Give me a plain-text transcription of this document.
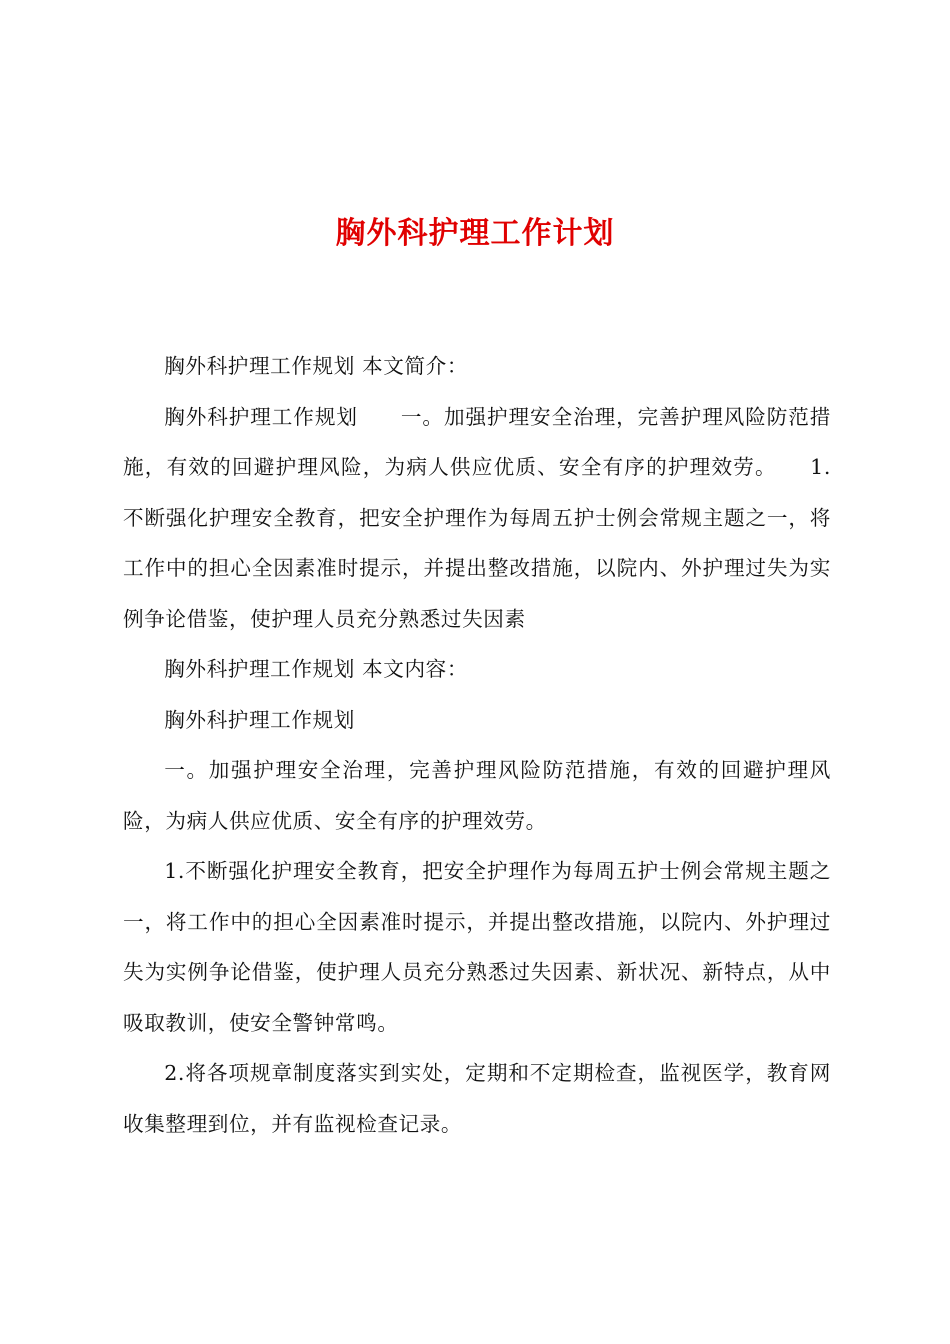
胸外科护理工作计划

胸外科护理工作规划 本文简介：

胸外科护理工作规划　　一。加强护理安全治理，完善护理风险防范措施，有效的回避护理风险，为病人供应优质、安全有序的护理效劳。　　1.不断强化护理安全教育，把安全护理作为每周五护士例会常规主题之一，将工作中的担心全因素准时提示，并提出整改措施，以院内、外护理过失为实例争论借鉴，使护理人员充分熟悉过失因素

胸外科护理工作规划 本文内容：

胸外科护理工作规划

一。加强护理安全治理，完善护理风险防范措施，有效的回避护理风险，为病人供应优质、安全有序的护理效劳。

1.不断强化护理安全教育，把安全护理作为每周五护士例会常规主题之一，将工作中的担心全因素准时提示，并提出整改措施，以院内、外护理过失为实例争论借鉴，使护理人员充分熟悉过失因素、新状况、新特点，从中吸取教训，使安全警钟常鸣。

2.将各项规章制度落实到实处，定期和不定期检查，监视医学，教育网收集整理到位，并有监视检查记录。
